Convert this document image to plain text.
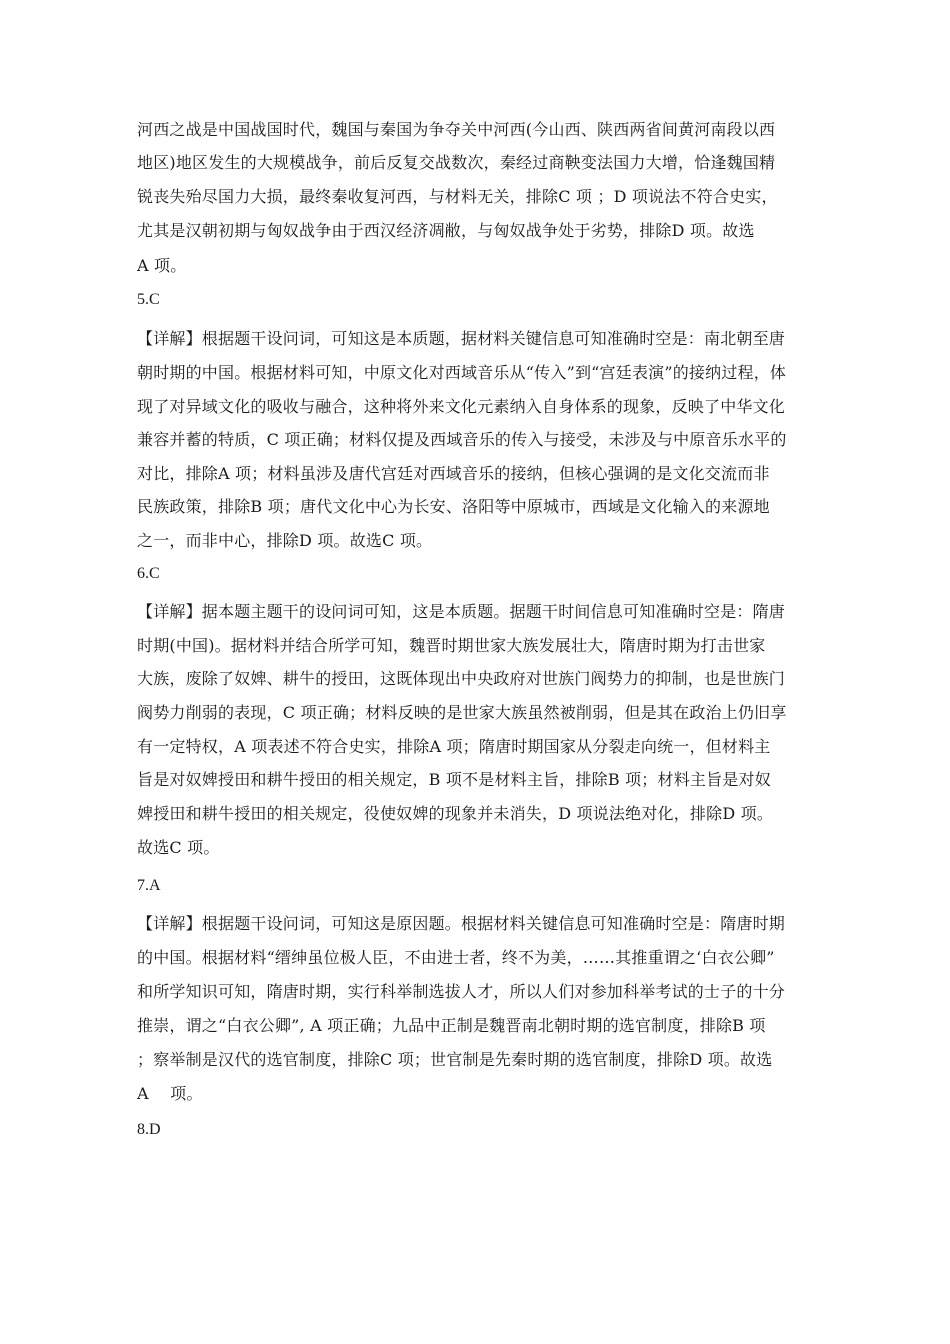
河西之战是中国战国时代，魏国与秦国为争夺关中河西(今山西、陕西两省间黄河南段以西
地区)地区发生的大规模战争，前后反复交战数次，秦经过商鞅变法国力大增，恰逢魏国精
锐丧失殆尽国力大损，最终秦收复河西，与材料无关，排除C 项 ；D 项说法不符合史实，
尤其是汉朝初期与匈奴战争由于西汉经济凋敝，与匈奴战争处于劣势，排除D 项。故选
A 项。
5.C
【详解】根据题干设问词，可知这是本质题，据材料关键信息可知准确时空是：南北朝至唐
朝时期的中国。根据材料可知，中原文化对西域音乐从“传入”到“宫廷表演”的接纳过程，体
现了对异域文化的吸收与融合，这种将外来文化元素纳入自身体系的现象，反映了中华文化
兼容并蓄的特质，C 项正确；材料仅提及西域音乐的传入与接受，未涉及与中原音乐水平的
对比，排除A 项；材料虽涉及唐代宫廷对西域音乐的接纳，但核心强调的是文化交流而非
民族政策，排除B 项；唐代文化中心为长安、洛阳等中原城市，西域是文化输入的来源地
之一，而非中心，排除D 项。故选C 项。
6.C
【详解】据本题主题干的设问词可知，这是本质题。据题干时间信息可知准确时空是：隋唐
时期(中国)。据材料并结合所学可知，魏晋时期世家大族发展壮大，隋唐时期为打击世家
大族，废除了奴婢、耕牛的授田，这既体现出中央政府对世族门阀势力的抑制，也是世族门
阀势力削弱的表现，C 项正确；材料反映的是世家大族虽然被削弱，但是其在政治上仍旧享
有一定特权，A 项表述不符合史实，排除A 项；隋唐时期国家从分裂走向统一，但材料主
旨是对奴婢授田和耕牛授田的相关规定，B 项不是材料主旨，排除B 项；材料主旨是对奴
婢授田和耕牛授田的相关规定，役使奴婢的现象并未消失，D 项说法绝对化，排除D 项。
故选C 项。
7.A
【详解】根据题干设问词，可知这是原因题。根据材料关键信息可知准确时空是：隋唐时期
的中国。根据材料“缙绅虽位极人臣，不由进士者，终不为美，……其推重谓之‘白衣公卿”
和所学知识可知，隋唐时期，实行科举制选拔人才，所以人们对参加科举考试的士子的十分
推崇，谓之“白衣公卿”, A 项正确；九品中正制是魏晋南北朝时期的选官制度，排除B 项
；察举制是汉代的选官制度，排除C 项；世官制是先秦时期的选官制度，排除D 项。故选
A　 项。
8.D
